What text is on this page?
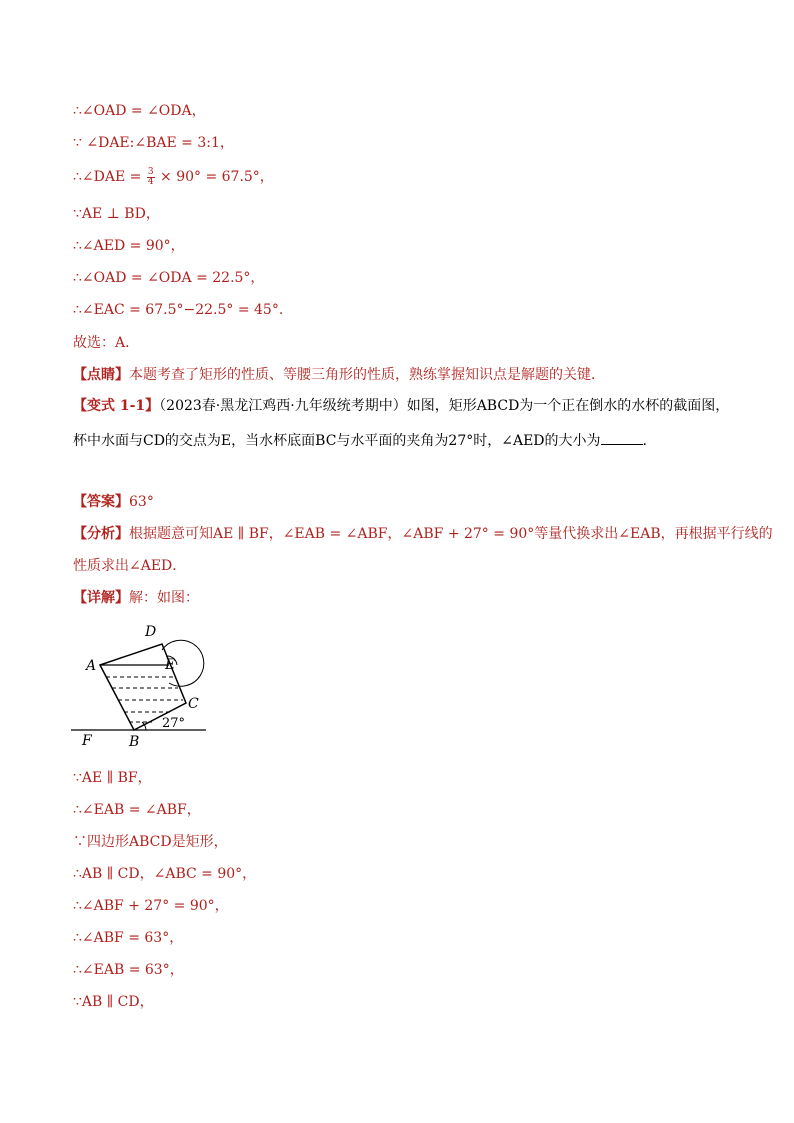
∴∠OAD = ∠ODA，
∵ ∠DAE:∠BAE = 3:1，
∴∠DAE = $\frac{3}{4} \times 90^\circ = 67.5^\circ$，
∵AE ⊥ BD，
∴∠AED = 90°，
∴∠OAD = ∠ODA = 22.5°，
∴∠EAC = 67.5°−22.5° = 45°.
故选：A．
【点睛】本题考查了矩形的性质、等腰三角形的性质，熟练掌握知识点是解题的关键．
【变式 1-1】（2023春·黑龙江鸡西·九年级统考期中）如图，矩形ABCD为一个正在倒水的水杯的截面图，
杯中水面与CD的交点为E，当水杯底面BC与水平面的夹角为27°时，∠AED的大小为	.
【答案】63°
【分析】根据题意可知AE ∥ BF，∠EAB = ∠ABF，∠ABF + 27° = 90°等量代换求出∠EAB，再根据平行线的
性质求出∠AED．
【详解】解：如图：
A
D
E
C
F	B
27°
∵AE ∥ BF，
∴∠EAB = ∠ABF，
∵四边形ABCD是矩形，
∴AB ∥ CD，∠ABC = 90°，
∴∠ABF + 27° = 90°，
∴∠ABF = 63°，
∴∠EAB = 63°，
∵AB ∥ CD，
